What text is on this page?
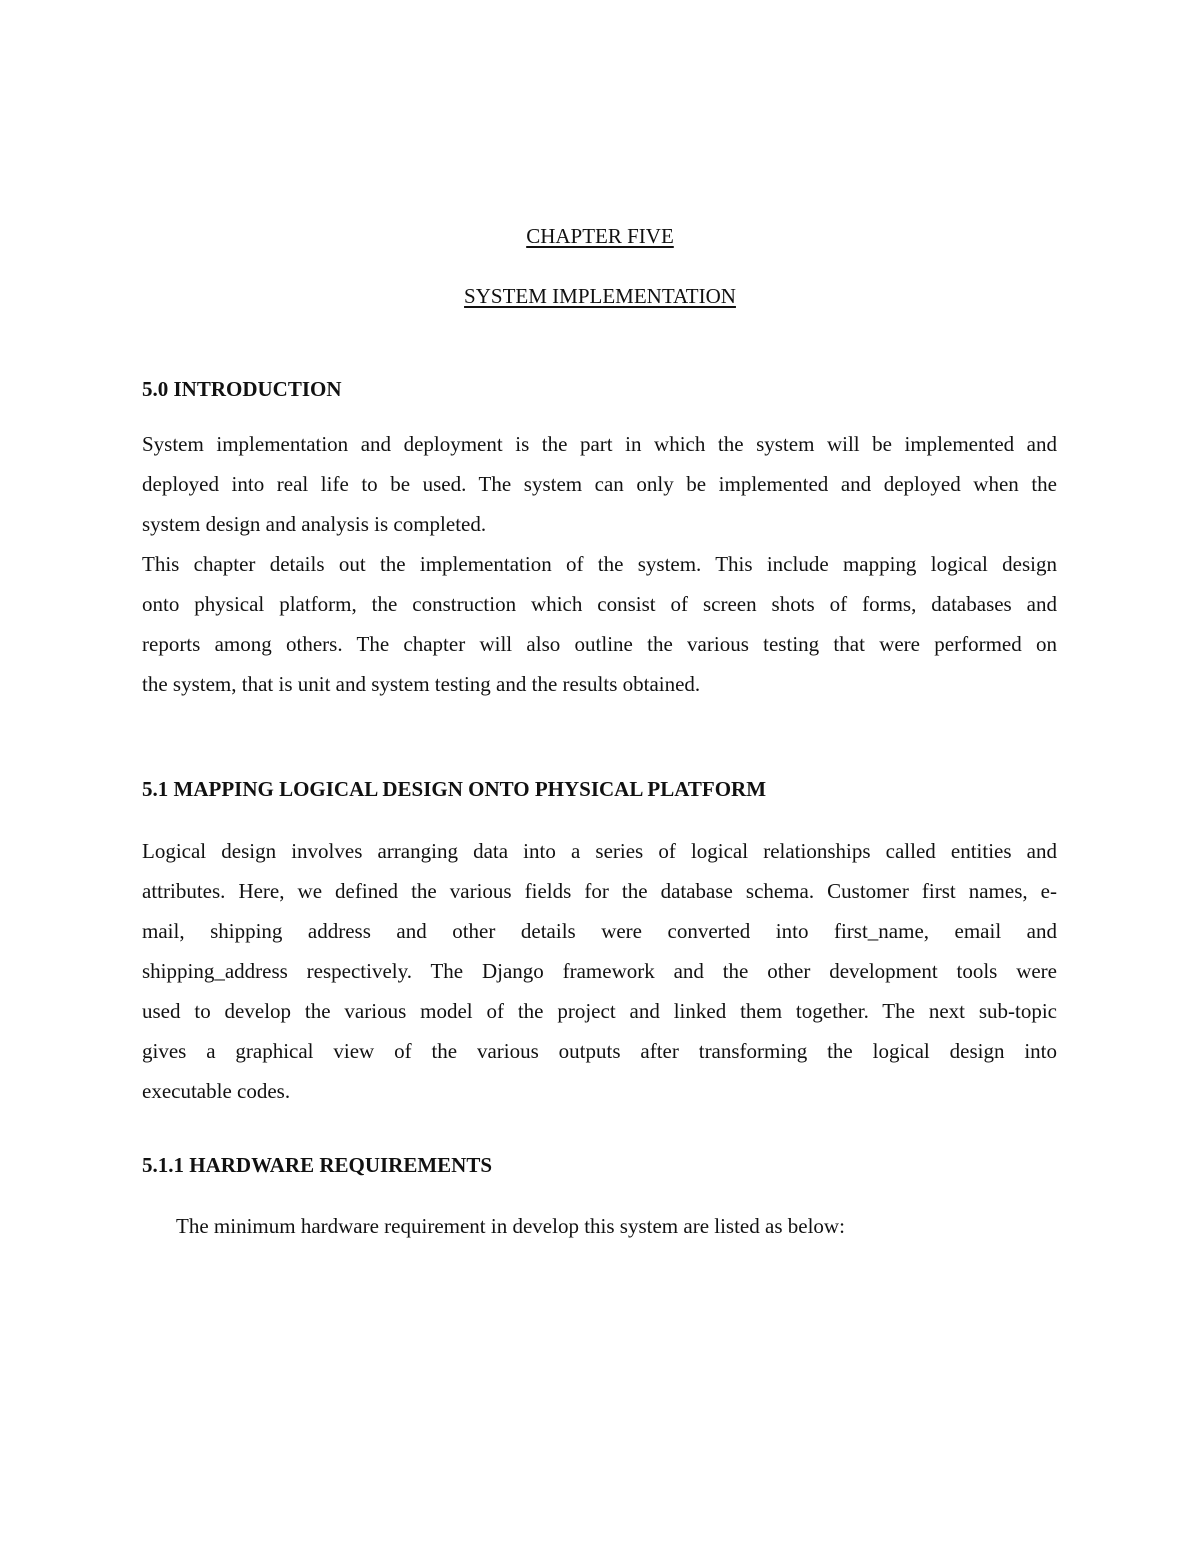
CHAPTER FIVE

SYSTEM IMPLEMENTATION

5.0 INTRODUCTION

System implementation and deployment is the part in which the system will be implemented and

deployed into real life to be used. The system can only be implemented and deployed when the

system design and analysis is completed.

This chapter details out the implementation of the system. This include mapping logical design

onto physical platform, the construction which consist of screen shots of forms, databases and

reports among others. The chapter will also outline the various testing that were performed on

the system, that is unit and system testing and the results obtained.

5.1 MAPPING LOGICAL DESIGN ONTO PHYSICAL PLATFORM

Logical design involves arranging data into a series of logical relationships called entities and

attributes. Here, we defined the various fields for the database schema. Customer first names, e-

mail, shipping address and other details were converted into first_name, email and

shipping_address respectively. The Django framework and the other development tools were

used to develop the various model of the project and linked them together. The next sub-topic

gives a graphical view of the various outputs after transforming the logical design into

executable codes.

5.1.1 HARDWARE REQUIREMENTS

The minimum hardware requirement in develop this system are listed as below:
